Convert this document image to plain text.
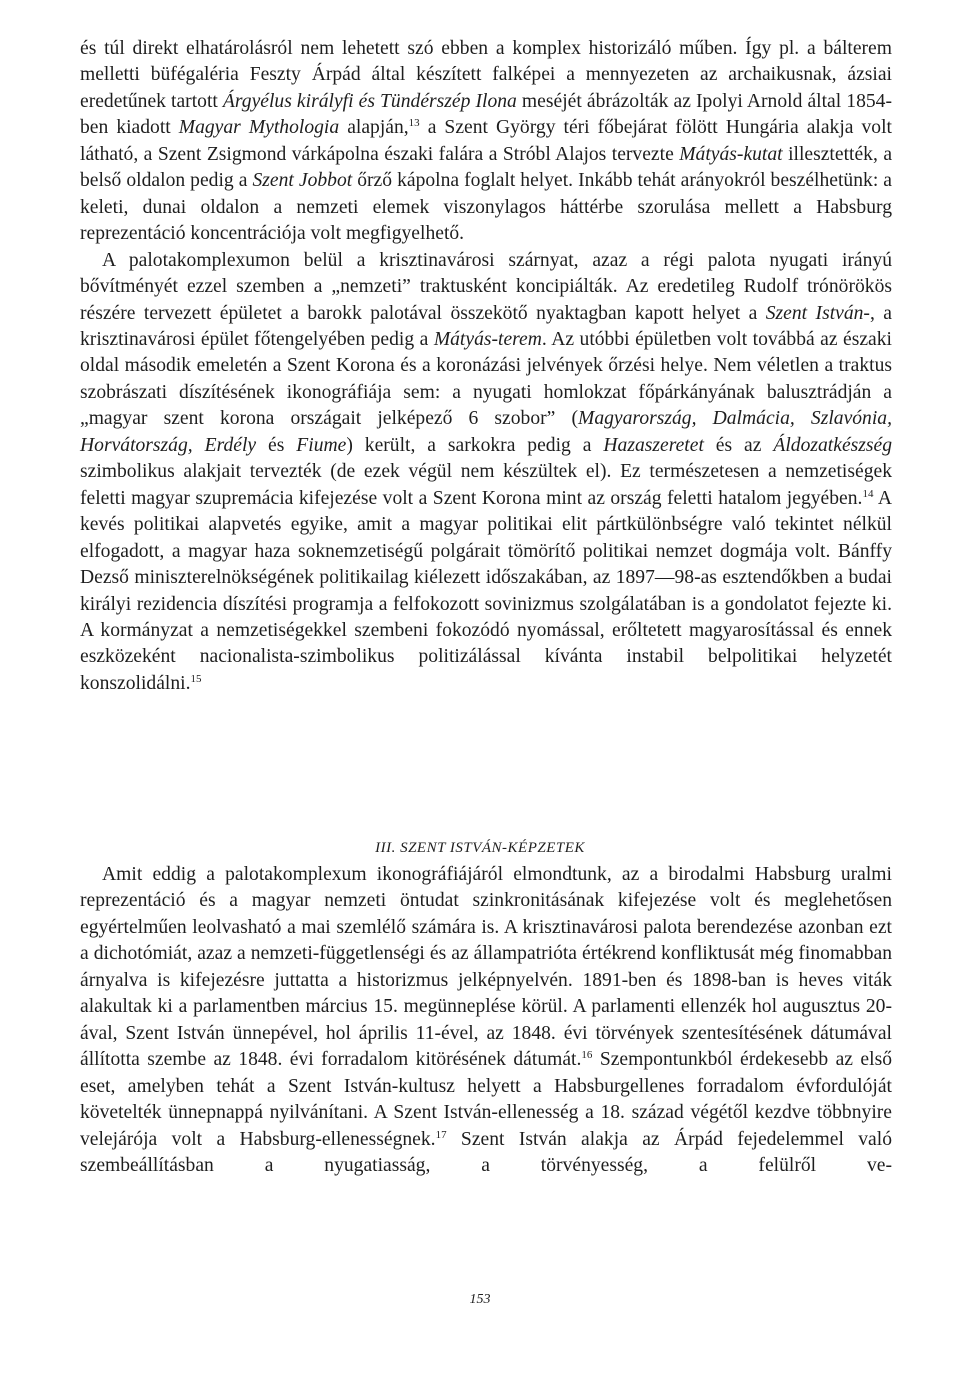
és túl direkt elhatárolásról nem lehetett szó ebben a komplex historizáló műben. Így pl. a bálterem melletti büfégaléria Feszty Árpád által készített falképei a mennyezeten az archaikusnak, ázsiai eredetűnek tartott Árgyélus királyfi és Tündérszép Ilona meséjét ábrázolták az Ipolyi Arnold által 1854-ben kiadott Magyar Mythologia alapján,$^{13}$ a Szent György téri főbejárat fölött Hungária alakja volt látható, a Szent Zsigmond várkápolna északi falára a Stróbl Alajos tervezte Mátyás-kutat illesztették, a belső oldalon pedig a Szent Jobbot őrző kápolna foglalt helyet. Inkább tehát arányokról beszélhetünk: a keleti, dunai oldalon a nemzeti elemek viszonylagos háttérbe szorulása mellett a Habsburg reprezentáció koncentrációja volt megfigyelhető.

A palotakomplexumon belül a krisztinavárosi szárnyat, azaz a régi palota nyugati irányú bővítményét ezzel szemben a „nemzeti” traktusként koncipiálták. Az eredetileg Rudolf trónörökös részére tervezett épületet a barokk palotával összekötő nyaktagban kapott helyet a Szent István-, a krisztinavárosi épület főtengelyében pedig a Mátyás-terem. Az utóbbi épületben volt továbbá az északi oldal második emeletén a Szent Korona és a koronázási jelvények őrzési helye. Nem véletlen a traktus szobrászati díszítésének ikonográfiája sem: a nyugati homlokzat főpárkányának balusztrádján a „magyar szent korona országait jelképező 6 szobor” (Magyarország, Dalmácia, Szlavónia, Horvátország, Erdély és Fiume) került, a sarkokra pedig a Hazaszeretet és az Áldozatkészség szimbolikus alakjait tervezték (de ezek végül nem készültek el). Ez természetesen a nemzetiségek feletti magyar szupremácia kifejezése volt a Szent Korona mint az ország feletti hatalom jegyében.$^{14}$ A kevés politikai alapvetés egyike, amit a magyar politikai elit pártkülönbségre való tekintet nélkül elfogadott, a magyar haza soknemzetiségű polgárait tömörítő politikai nemzet dogmája volt. Bánffy Dezső miniszterelnökségének politikailag kiélezett időszakában, az 1897—98-as esztendőkben a budai királyi rezidencia díszítési programja a felfokozott sovinizmus szolgálatában is a gondolatot fejezte ki. A kormányzat a nemzetiségekkel szembeni fokozódó nyomással, erőltetett magyarosítással és ennek eszközeként nacionalista-szimbolikus politizálással kívánta instabil belpolitikai helyzetét konszolidálni.$^{15}$

III. SZENT ISTVÁN-KÉPZETEK

Amit eddig a palotakomplexum ikonográfiájáról elmondtunk, az a birodalmi Habsburg uralmi reprezentáció és a magyar nemzeti öntudat szinkronitásának kifejezése volt és meglehetősen egyértelműen leolvasható a mai szemlélő számára is. A krisztinavárosi palota berendezése azonban ezt a dichotómiát, azaz a nemzeti-függetlenségi és az állampatrióta értékrend konfliktusát még finomabban árnyalva is kifejezésre juttatta a historizmus jelképnyelvén. 1891-ben és 1898-ban is heves viták alakultak ki a parlamentben március 15. megünneplése körül. A parlamenti ellenzék hol augusztus 20-ával, Szent István ünnepével, hol április 11-ével, az 1848. évi törvények szentesítésének dátumával állította szembe az 1848. évi forradalom kitörésének dátumát.$^{16}$ Szempontunkból érdekesebb az első eset, amelyben tehát a Szent István-kultusz helyett a Habsburgellenes forradalom évfordulóját követelték ünnepnappá nyilvánítani. A Szent István-ellenesség a 18. század végétől kezdve többnyire velejárója volt a Habsburg-ellenességnek.$^{17}$ Szent István alakja az Árpád fejedelemmel való szembeállításban a nyugatiasság, a törvényesség, a felülről ve-

153
